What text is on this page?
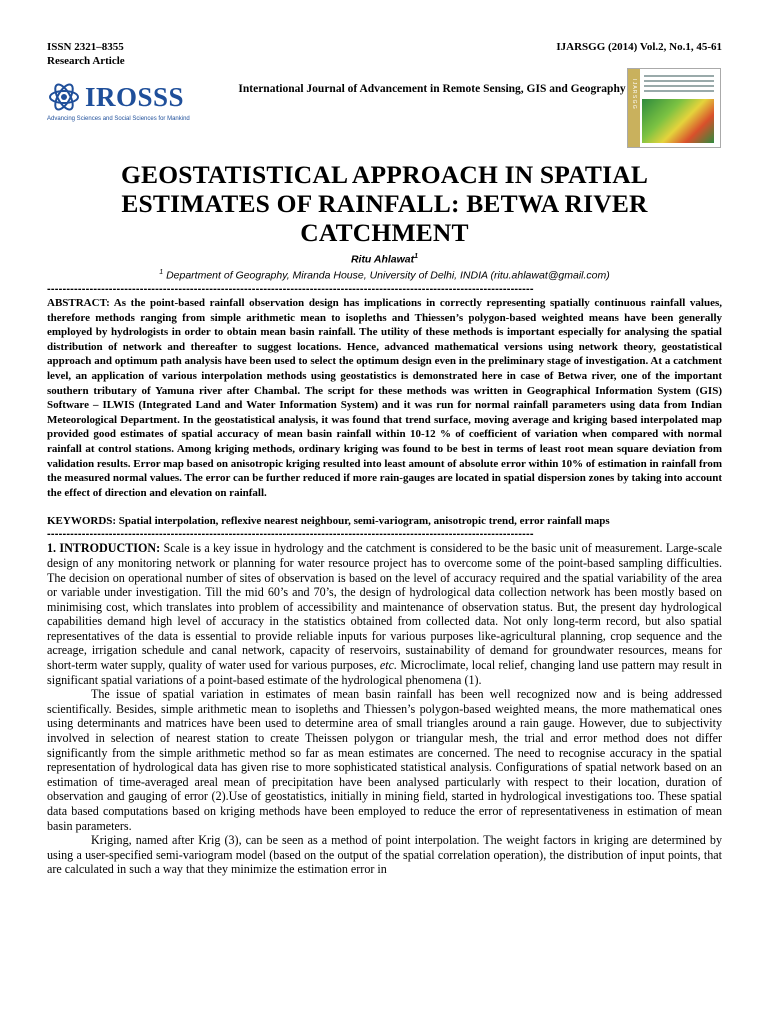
ISSN 2321–8355
Research Article
IJARSGG (2014) Vol.2, No.1, 45-61
IROSSS
Advancing Sciences and Social Sciences for Mankind
International Journal of Advancement in Remote Sensing, GIS and Geography I J A R S G G
GEOSTATISTICAL APPROACH IN SPATIAL ESTIMATES OF RAINFALL: BETWA RIVER CATCHMENT
Ritu Ahlawat$^1$
$^1$ Department of Geography, Miranda House, University of Delhi, INDIA (ritu.ahlawat@gmail.com)
------------------------------------------------------------------------------------------------------------------------------

ABSTRACT: As the point-based rainfall observation design has implications in correctly representing spatially continuous rainfall values, therefore methods ranging from simple arithmetic mean to isopleths and Thiessen’s polygon-based weighted means have been generally employed by hydrologists in order to obtain mean basin rainfall. The utility of these methods is important especially for analysing the spatial distribution of network and thereafter to suggest locations. Hence, advanced mathematical versions using network theory, geostatistical approach and optimum path analysis have been used to select the optimum design even in the preliminary stage of investigation. At a catchment level, an application of various interpolation methods using geostatistics is demonstrated here in case of Betwa river, one of the important southern tributary of Yamuna river after Chambal. The script for these methods was written in Geographical Information System (GIS) Software – ILWIS (Integrated Land and Water Information System) and it was run for normal rainfall parameters using data from Indian Meteorological Department. In the geostatistical analysis, it was found that trend surface, moving average and kriging based interpolated map provided good estimates of spatial accuracy of mean basin rainfall within 10-12 % of coefficient of variation when compared with normal rainfall at control stations. Among kriging methods, ordinary kriging was found to be best in terms of least root mean square deviation from validation results. Error map based on anisotropic kriging resulted into least amount of absolute error within 10% of estimation in rainfall from the measured normal values. The error can be further reduced if more rain-gauges are located in spatial dispersion zones by taking into account the effect of direction and elevation on rainfall.

KEYWORDS: Spatial interpolation, reflexive nearest neighbour, semi-variogram, anisotropic trend, error rainfall maps

------------------------------------------------------------------------------------------------------------------------------

1. INTRODUCTION: Scale is a key issue in hydrology and the catchment is considered to be the basic unit of measurement. Large-scale design of any monitoring network or planning for water resource project has to overcome some of the point-based sampling difficulties. The decision on operational number of sites of observation is based on the level of accuracy required and the spatial variability of the area or variable under investigation. Till the mid 60’s and 70’s, the design of hydrological data collection network has been mostly based on minimising cost, which translates into problem of accessibility and maintenance of observation status. But, the present day hydrological capabilities demand high level of accuracy in the statistics obtained from collected data. Not only long-term record, but also spatial representatives of the data is essential to provide reliable inputs for various purposes like-agricultural planning, crop sequence and the acreage, irrigation schedule and canal network, capacity of reservoirs, sustainability of demand for groundwater resources, means for short-term water supply, quality of water used for various purposes, etc. Microclimate, local relief, changing land use pattern may result in significant spatial variations of a point-based estimate of the hydrological phenomena (1).

The issue of spatial variation in estimates of mean basin rainfall has been well recognized now and is being addressed scientifically. Besides, simple arithmetic mean to isopleths and Thiessen’s polygon-based weighted means, the more mathematical ones using determinants and matrices have been used to determine area of small triangles around a rain gauge. However, due to subjectivity involved in selection of nearest station to create Theissen polygon or triangular mesh, the trial and error method does not differ significantly from the simple arithmetic method so far as mean estimates are concerned. The need to recognise accuracy in the spatial representation of hydrological data has given rise to more sophisticated statistical analysis. Configurations of spatial network based on an estimation of time-averaged areal mean of precipitation have been analysed particularly with respect to their location, duration of observation and gauging of error (2).Use of geostatistics, initially in mining field, started in hydrological investigations too. These spatial data based computations based on kriging methods have been employed to reduce the error of representativeness in estimation of mean basin parameters.

Kriging, named after Krig (3), can be seen as a method of point interpolation. The weight factors in kriging are determined by using a user-specified semi-variogram model (based on the output of the spatial correlation operation), the distribution of input points, that are calculated in such a way that they minimize the estimation error in
